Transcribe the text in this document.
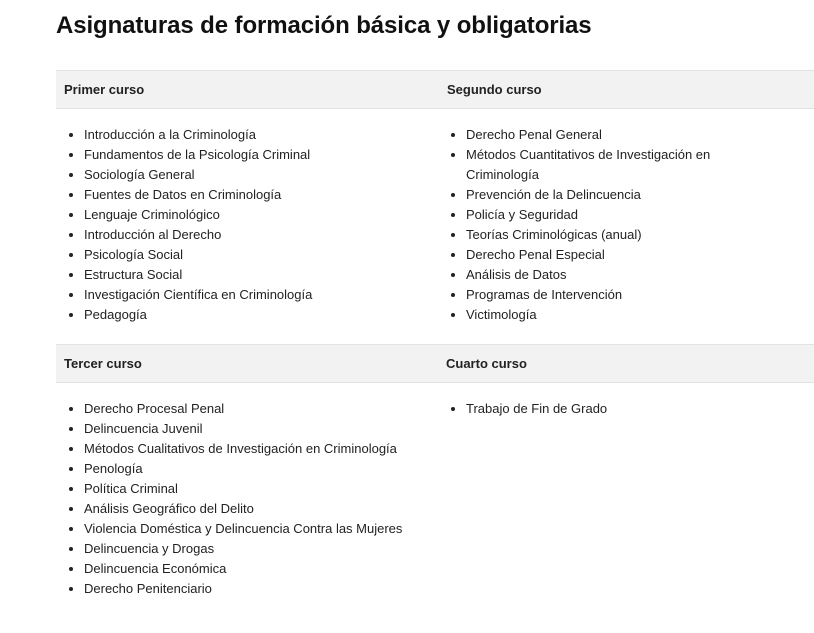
Asignaturas de formación básica y obligatorias
Primer curso	Segundo curso
• Introducción a la Criminología
• Fundamentos de la Psicología Criminal
• Sociología General
• Fuentes de Datos en Criminología
• Lenguaje Criminológico
• Introducción al Derecho
• Psicología Social
• Estructura Social
• Investigación Científica en Criminología
• Pedagogía
• Derecho Penal General
• Métodos Cuantitativos de Investigación en Criminología
• Prevención de la Delincuencia
• Policía y Seguridad
• Teorías Criminológicas (anual)
• Derecho Penal Especial
• Análisis de Datos
• Programas de Intervención
• Victimología
Tercer curso	Cuarto curso
• Derecho Procesal Penal
• Delincuencia Juvenil
• Métodos Cualitativos de Investigación en Criminología
• Penología
• Política Criminal
• Análisis Geográfico del Delito
• Violencia Doméstica y Delincuencia Contra las Mujeres
• Delincuencia y Drogas
• Delincuencia Económica
• Derecho Penitenciario
• Trabajo de Fin de Grado
